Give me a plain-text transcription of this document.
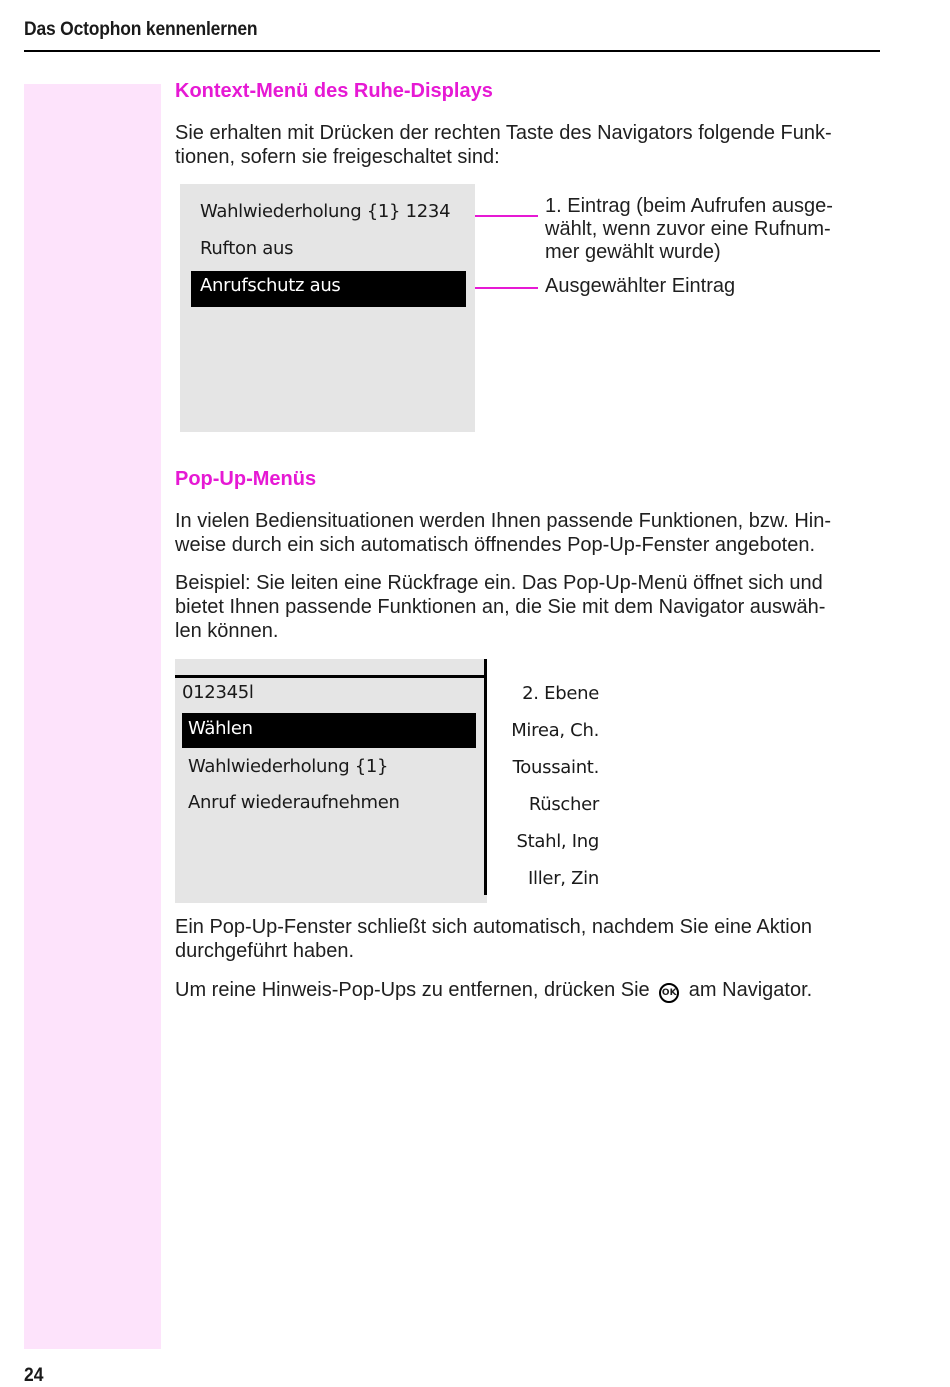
Das Octophon kennenlernen
Kontext-Menü des Ruhe-Displays
Sie erhalten mit Drücken der rechten Taste des Navigators folgende Funk-
tionen, sofern sie freigeschaltet sind:
Wahlwiederholung {1} 1234
Rufton aus
Anrufschutz aus
1. Eintrag (beim Aufrufen ausge-
wählt, wenn zuvor eine Rufnum-
mer gewählt wurde)
Ausgewählter Eintrag
Pop-Up-Menüs
In vielen Bediensituationen werden Ihnen passende Funktionen, bzw. Hin-
weise durch ein sich automatisch öffnendes Pop-Up-Fenster angeboten.
Beispiel: Sie leiten eine Rückfrage ein. Das Pop-Up-Menü öffnet sich und
bietet Ihnen passende Funktionen an, die Sie mit dem Navigator auswäh-
len können.
012345l
Wählen
Wahlwiederholung {1}
Anruf wiederaufnehmen
2. Ebene
Mirea, Ch.
Toussaint.
Rüscher
Stahl, Ing
Iller, Zin
Ein Pop-Up-Fenster schließt sich automatisch, nachdem Sie eine Aktion
durchgeführt haben.
Um reine Hinweis-Pop-Ups zu entfernen, drücken Sie OK am Navigator.
24
